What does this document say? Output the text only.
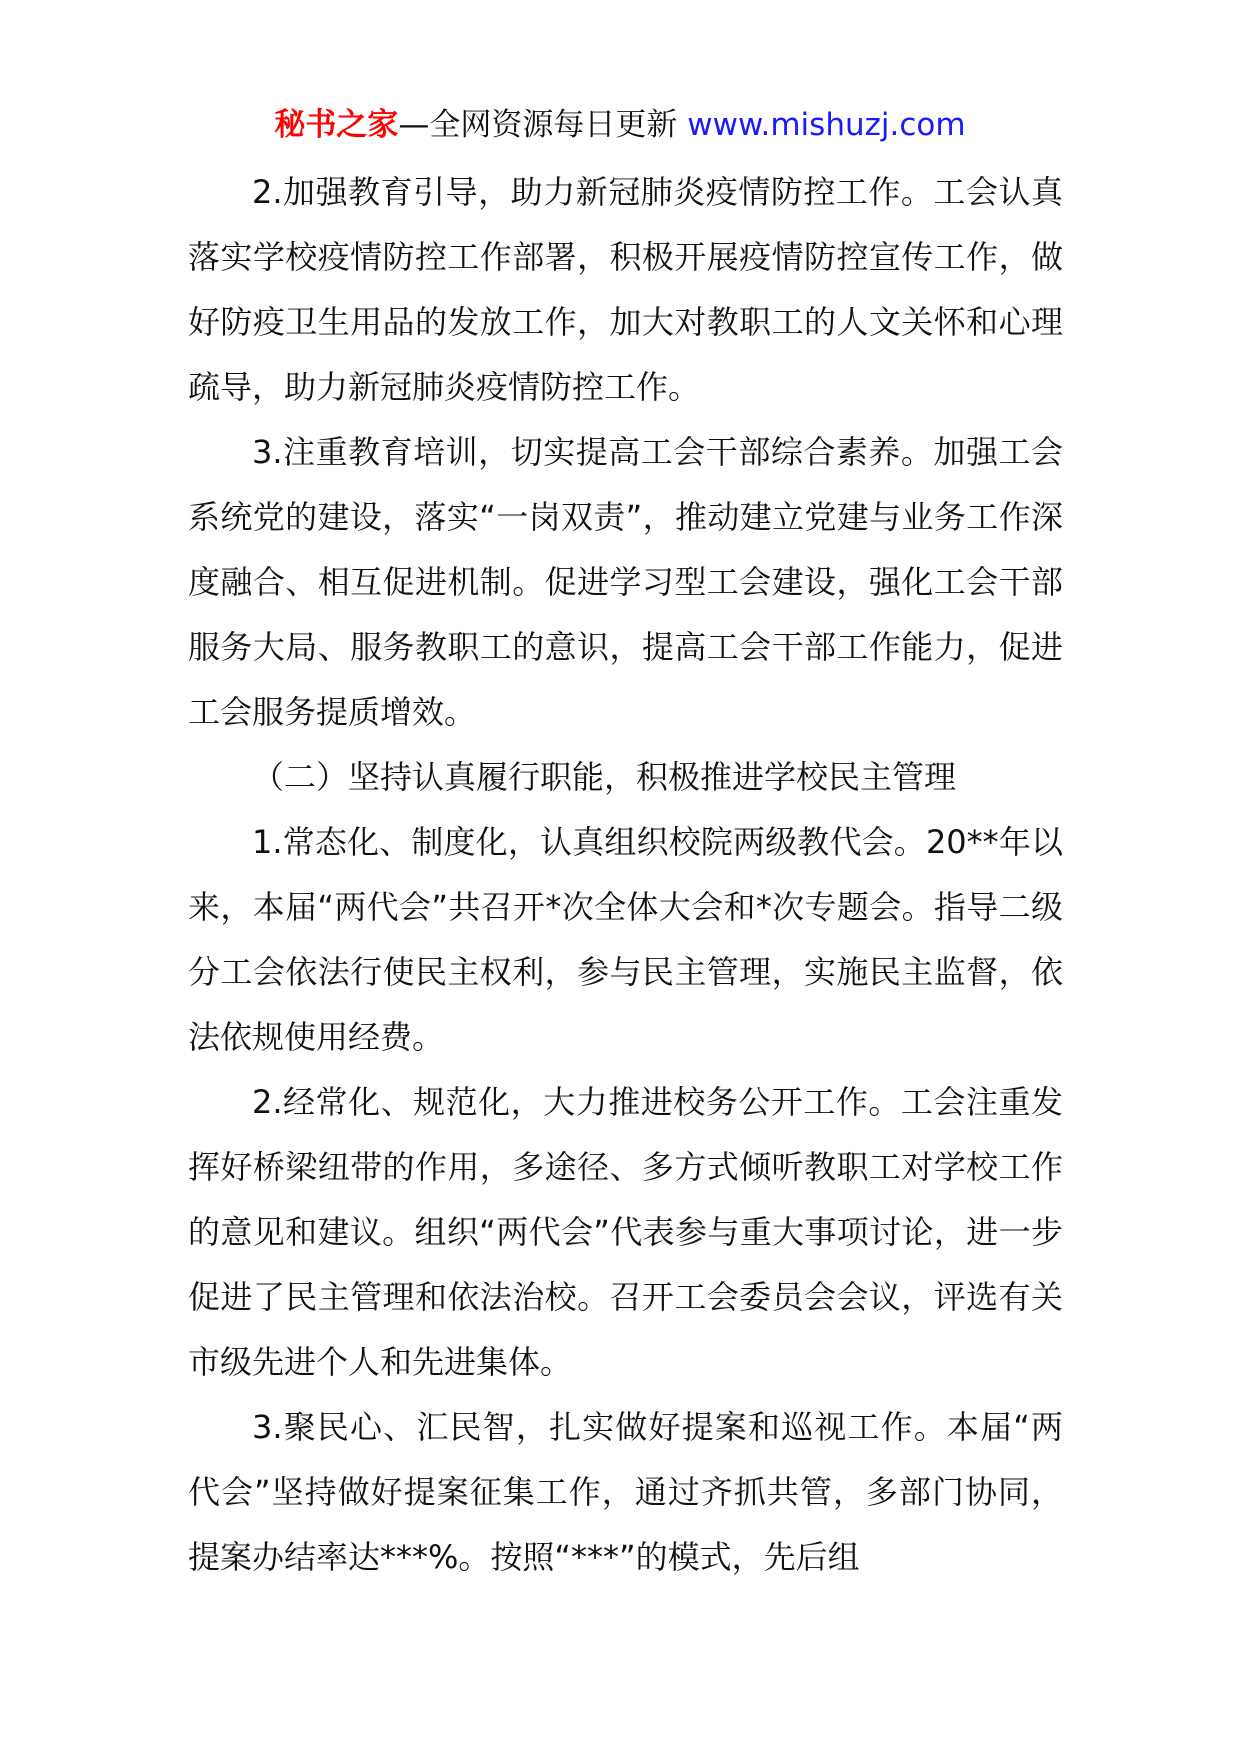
秘书之家—全网资源每日更新 www.mishuzj.com

2.加强教育引导，助力新冠肺炎疫情防控工作。工会认真落实学校疫情防控工作部署，积极开展疫情防控宣传工作，做好防疫卫生用品的发放工作，加大对教职工的人文关怀和心理疏导，助力新冠肺炎疫情防控工作。

3.注重教育培训，切实提高工会干部综合素养。加强工会系统党的建设，落实“一岗双责”，推动建立党建与业务工作深度融合、相互促进机制。促进学习型工会建设，强化工会干部服务大局、服务教职工的意识，提高工会干部工作能力，促进工会服务提质增效。

（二）坚持认真履行职能，积极推进学校民主管理

1.常态化、制度化，认真组织校院两级教代会。20**年以来，本届“两代会”共召开*次全体大会和*次专题会。指导二级分工会依法行使民主权利，参与民主管理，实施民主监督，依法依规使用经费。

2.经常化、规范化，大力推进校务公开工作。工会注重发挥好桥梁纽带的作用，多途径、多方式倾听教职工对学校工作的意见和建议。组织“两代会”代表参与重大事项讨论，进一步促进了民主管理和依法治校。召开工会委员会会议，评选有关市级先进个人和先进集体。

3.聚民心、汇民智，扎实做好提案和巡视工作。本届“两代会”坚持做好提案征集工作，通过齐抓共管，多部门协同，提案办结率达***%。按照“***”的模式，先后组
